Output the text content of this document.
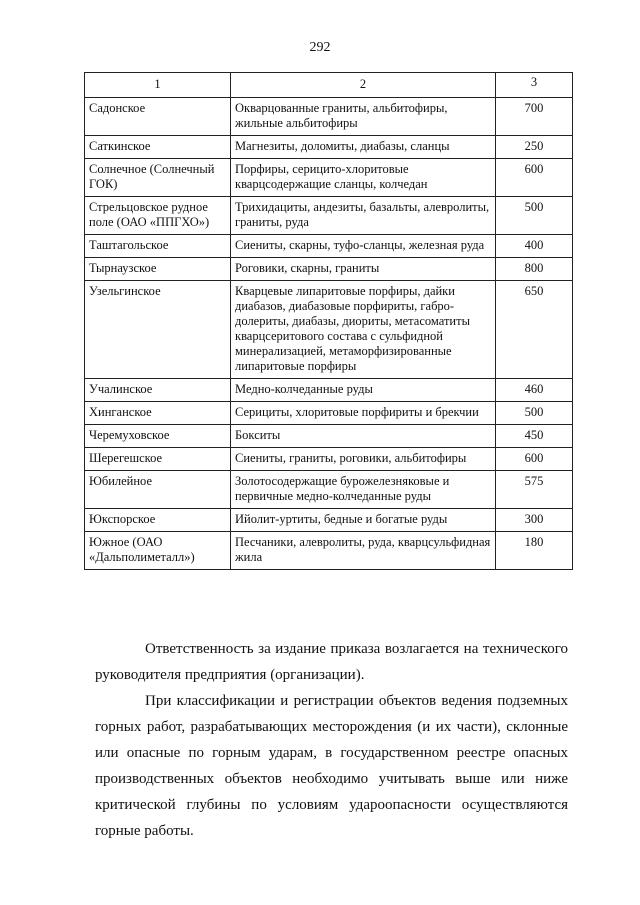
292
1	2	3
Садонское	Окварцованные граниты, альбитофиры, жильные альбитофиры	700
Саткинское	Магнезиты, доломиты, диабазы, сланцы	250
Солнечное (Солнечный ГОК)	Порфиры, серицито-хлоритовые кварцсодержащие сланцы, колчедан	600
Стрельцовское рудное поле (ОАО «ППГХО»)	Трихидациты, андезиты, базальты, алевролиты, граниты, руда	500
Таштагольское	Сиениты, скарны, туфо-сланцы, железная руда	400
Тырнаузское	Роговики, скарны, граниты	800
Узельгинское	Кварцевые липаритовые порфиры, дайки диабазов, диабазовые порфириты, габро-долериты, диабазы, диориты, метасоматиты кварцсеритового состава с сульфидной минерализацией, метаморфизированные липаритовые порфиры	650
Учалинское	Медно-колчеданные руды	460
Хинганское	Серициты, хлоритовые порфириты и брекчии	500
Черемуховское	Бокситы	450
Шерегешское	Сиениты, граниты, роговики, альбитофиры	600
Юбилейное	Золотосодержащие бурожелезняковые и первичные медно-колчеданные руды	575
Юкспорское	Ийолит-уртиты, бедные и богатые руды	300
Южное (ОАО «Дальполиметалл»)	Песчаники, алевролиты, руда, кварцсульфидная жила	180
Ответственность за издание приказа возлагается на технического руководителя предприятия (организации).
При классификации и регистрации объектов ведения подземных горных работ, разрабатывающих месторождения (и их части), склонные или опасные по горным ударам, в государственном реестре опасных производственных объектов необходимо учитывать выше или ниже критической глубины по условиям удароопасности осуществляются горные работы.
